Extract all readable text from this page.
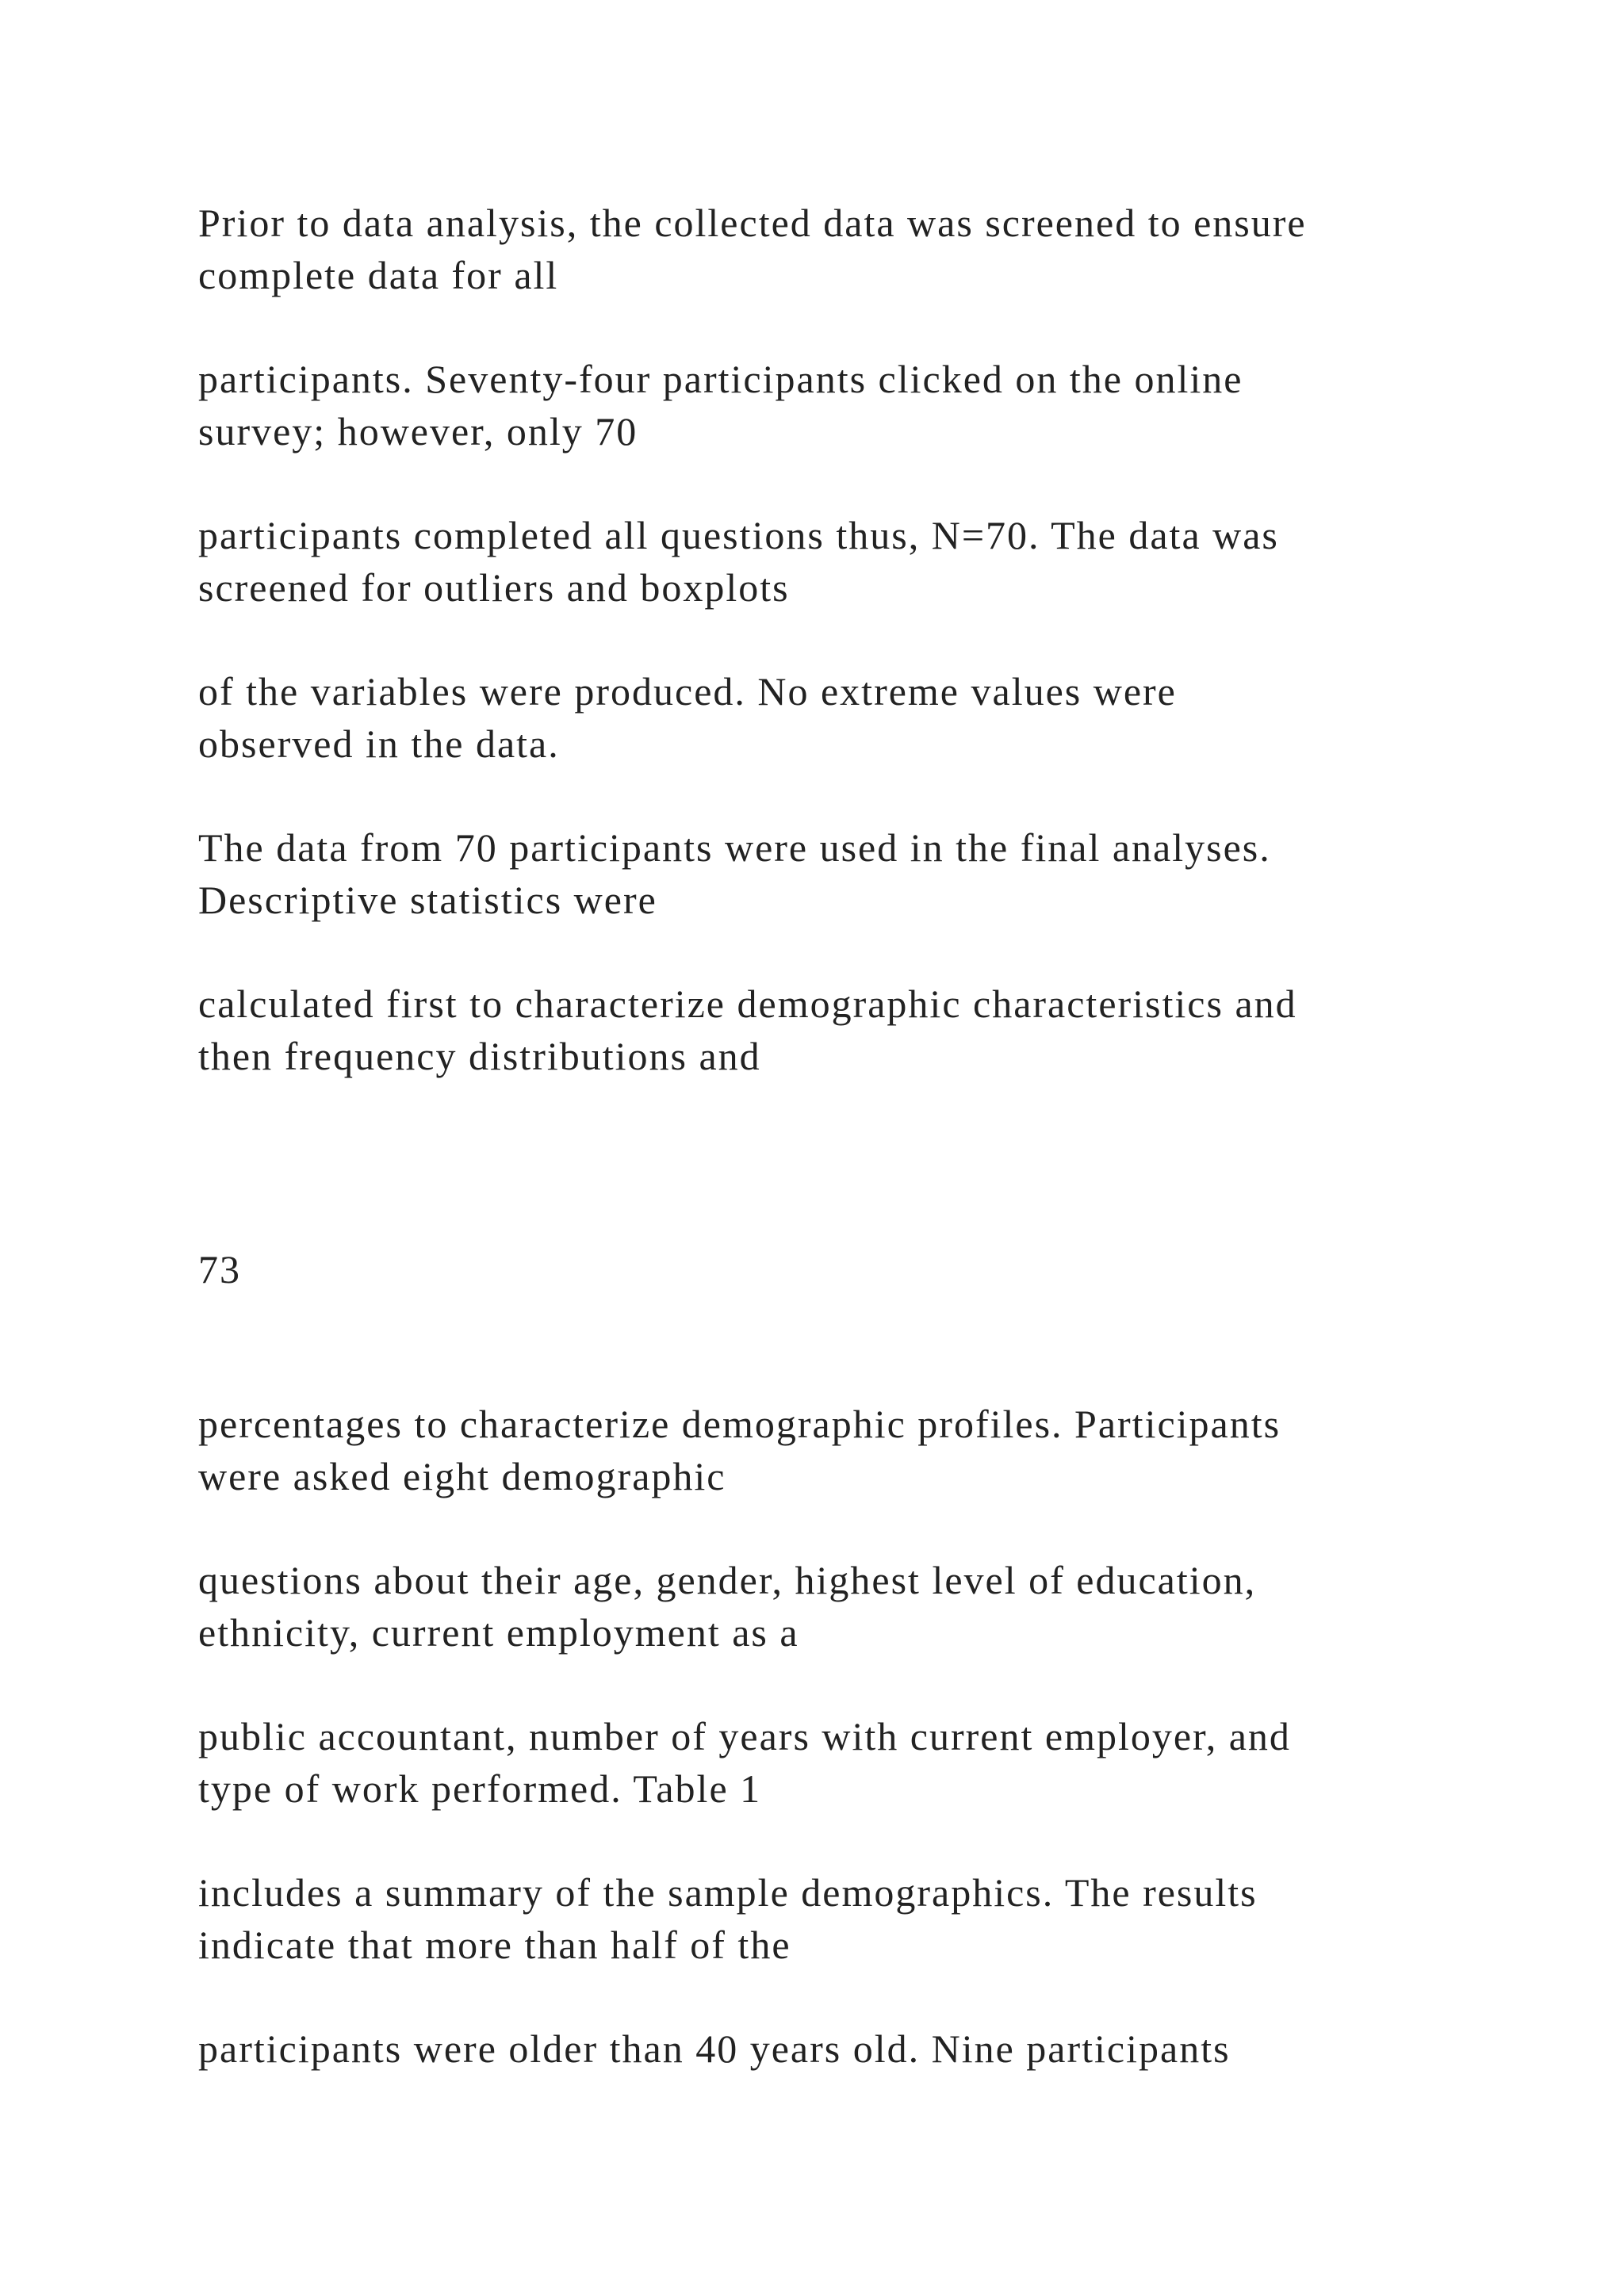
Prior to data analysis, the collected data was screened to ensure
complete data for all

participants. Seventy-four participants clicked on the online
survey; however, only 70

participants completed all questions thus, N=70. The data was
screened for outliers and boxplots

of the variables were produced. No extreme values were
observed in the data.

The data from 70 participants were used in the final analyses.
Descriptive statistics were

calculated first to characterize demographic characteristics and
then frequency distributions and

73

percentages to characterize demographic profiles. Participants
were asked eight demographic

questions about their age, gender, highest level of education,
ethnicity, current employment as a

public accountant, number of years with current employer, and
type of work performed. Table 1

includes a summary of the sample demographics. The results
indicate that more than half of the

participants were older than 40 years old. Nine participants
